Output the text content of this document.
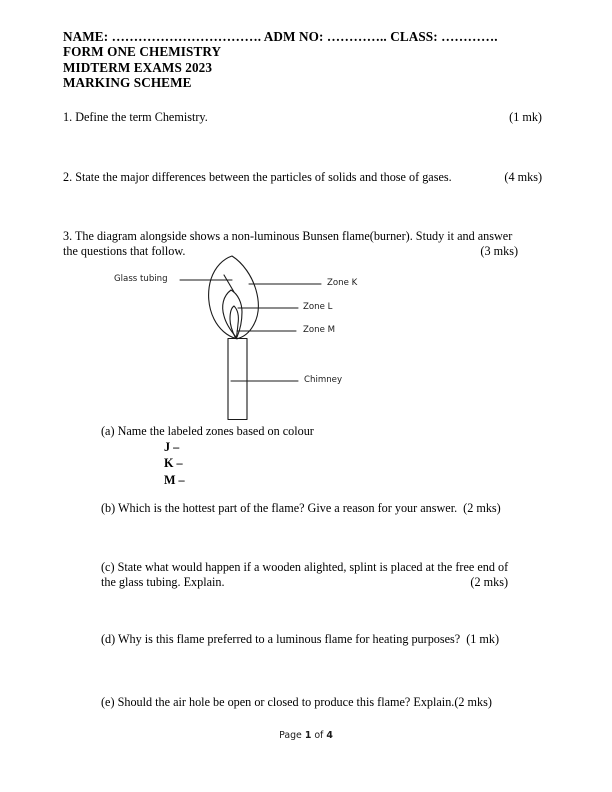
NAME: ……………………………. ADM NO: ………….. CLASS: ………….
FORM ONE CHEMISTRY
MIDTERM EXAMS 2023
MARKING SCHEME
1. Define the term Chemistry.	(1 mk)
2. State the major differences between the particles of solids and those of gases.	(4 mks)
3. The diagram alongside shows a non-luminous Bunsen flame(burner). Study it and answer
the questions that follow.	(3 mks)
Glass tubing	Zone K
Zone L
Zone M
Chimney
(a) Name the labeled zones based on colour
J –
K –
M –
(b) Which is the hottest part of the flame? Give a reason for your answer. (2 mks)
(c) State what would happen if a wooden alighted, splint is placed at the free end of
the glass tubing. Explain.	(2 mks)
(d) Why is this flame preferred to a luminous flame for heating purposes? (1 mk)
(e) Should the air hole be open or closed to produce this flame? Explain.(2 mks)
Page 1 of 4
